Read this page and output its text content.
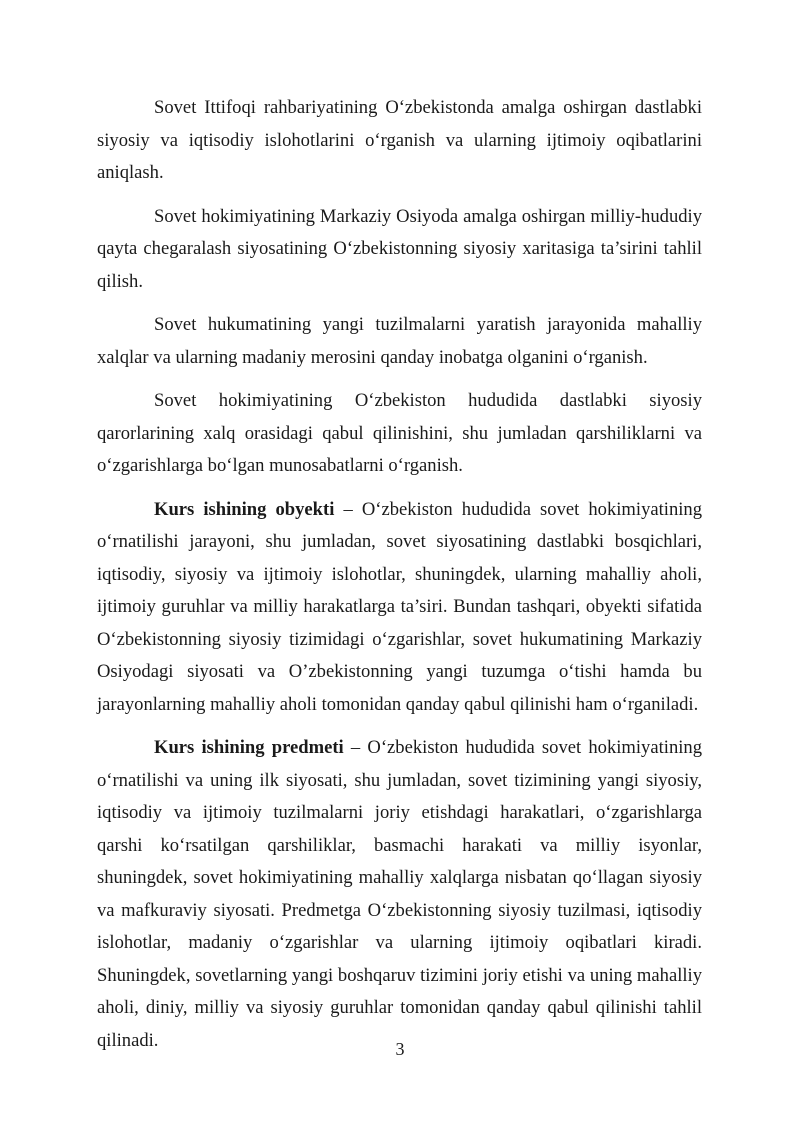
Sovet Ittifoqi rahbariyatining O‘zbekistonda amalga oshirgan dastlabki siyosiy va iqtisodiy islohotlarini o‘rganish va ularning ijtimoiy oqibatlarini aniqlash.

Sovet hokimiyatining Markaziy Osiyoda amalga oshirgan milliy-hududiy qayta chegaralash siyosatining O‘zbekistonning siyosiy xaritasiga ta’sirini tahlil qilish.

Sovet hukumatining yangi tuzilmalarni yaratish jarayonida mahalliy xalqlar va ularning madaniy merosini qanday inobatga olganini o‘rganish.

Sovet hokimiyatining O‘zbekiston hududida dastlabki siyosiy qarorlarining xalq orasidagi qabul qilinishini, shu jumladan qarshiliklarni va o‘zgarishlarga bo‘lgan munosabatlarni o‘rganish.

Kurs ishining obyekti – O‘zbekiston hududida sovet hokimiyatining o‘rnatilishi jarayoni, shu jumladan, sovet siyosatining dastlabki bosqichlari, iqtisodiy, siyosiy va ijtimoiy islohotlar, shuningdek, ularning mahalliy aholi, ijtimoiy guruhlar va milliy harakatlarga ta’siri. Bundan tashqari, obyekti sifatida O‘zbekistonning siyosiy tizimidagi o‘zgarishlar, sovet hukumatining Markaziy Osiyodagi siyosati va O’zbekistonning yangi tuzumga o‘tishi hamda bu jarayonlarning mahalliy aholi tomonidan qanday qabul qilinishi ham o‘rganiladi.

Kurs ishining predmeti – O‘zbekiston hududida sovet hokimiyatining o‘rnatilishi va uning ilk siyosati, shu jumladan, sovet tizimining yangi siyosiy, iqtisodiy va ijtimoiy tuzilmalarni joriy etishdagi harakatlari, o‘zgarishlarga qarshi ko‘rsatilgan qarshiliklar, basmachi harakati va milliy isyonlar, shuningdek, sovet hokimiyatining mahalliy xalqlarga nisbatan qo‘llagan siyosiy va mafkuraviy siyosati. Predmetga O‘zbekistonning siyosiy tuzilmasi, iqtisodiy islohotlar, madaniy o‘zgarishlar va ularning ijtimoiy oqibatlari kiradi. Shuningdek, sovetlarning yangi boshqaruv tizimini joriy etishi va uning mahalliy aholi, diniy, milliy va siyosiy guruhlar tomonidan qanday qabul qilinishi tahlil qilinadi.	3
